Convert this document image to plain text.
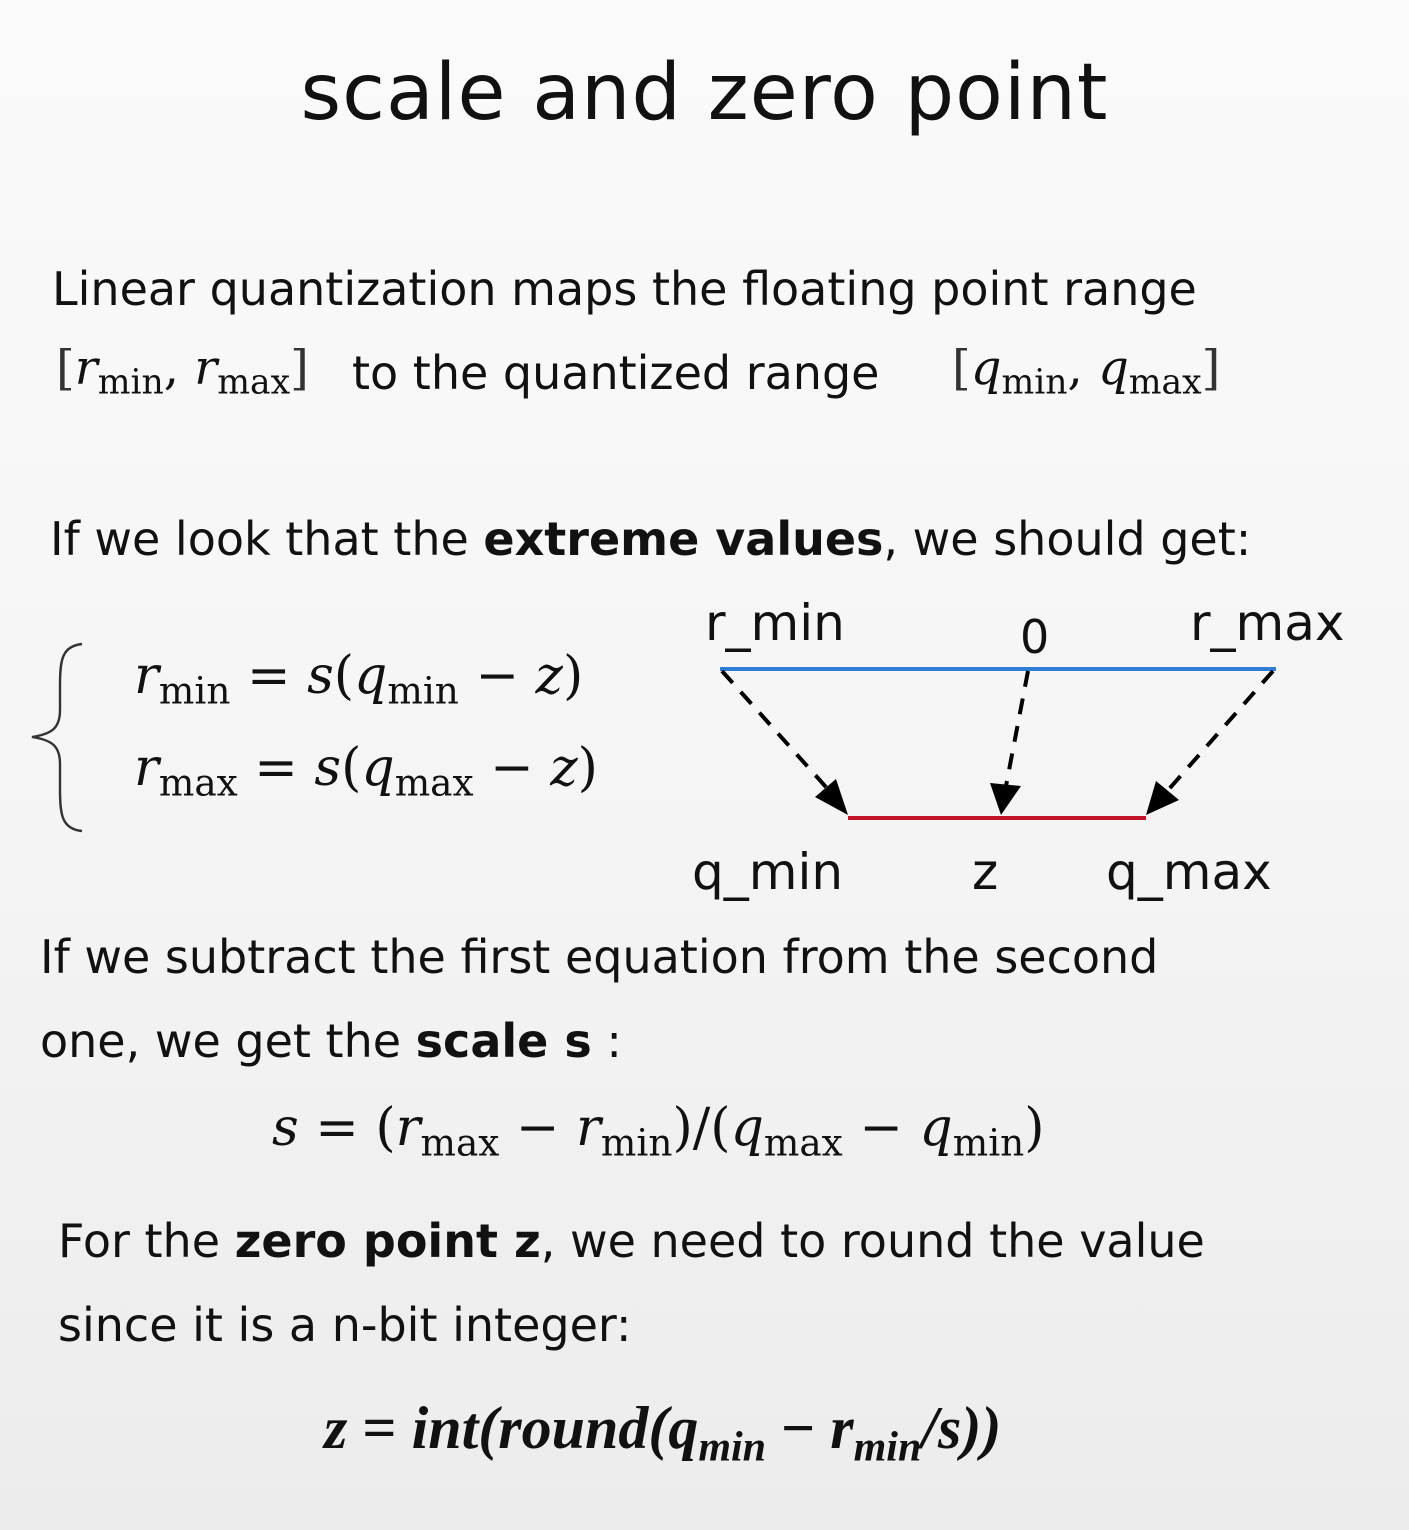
scale and zero point
Linear quantization maps the floating point range
[$r_{min}$, $r_{max}$] to the quantized range [$q_{min}$, $q_{max}$]
If we look that the extreme values, we should get:
$r_{min} = s(q_{min} - z)$
$r_{max} = s(q_{max} - z)$
r_min	0	r_max
q_min	z q_max
If we subtract the first equation from the second
one, we get the scale s :
$s = (r_{max} - r_{min})/(q_{max} - q_{min})$
For the zero point z, we need to round the value
since it is a n-bit integer:
$z = int(round(q_{min} - r_{min}/s))$
